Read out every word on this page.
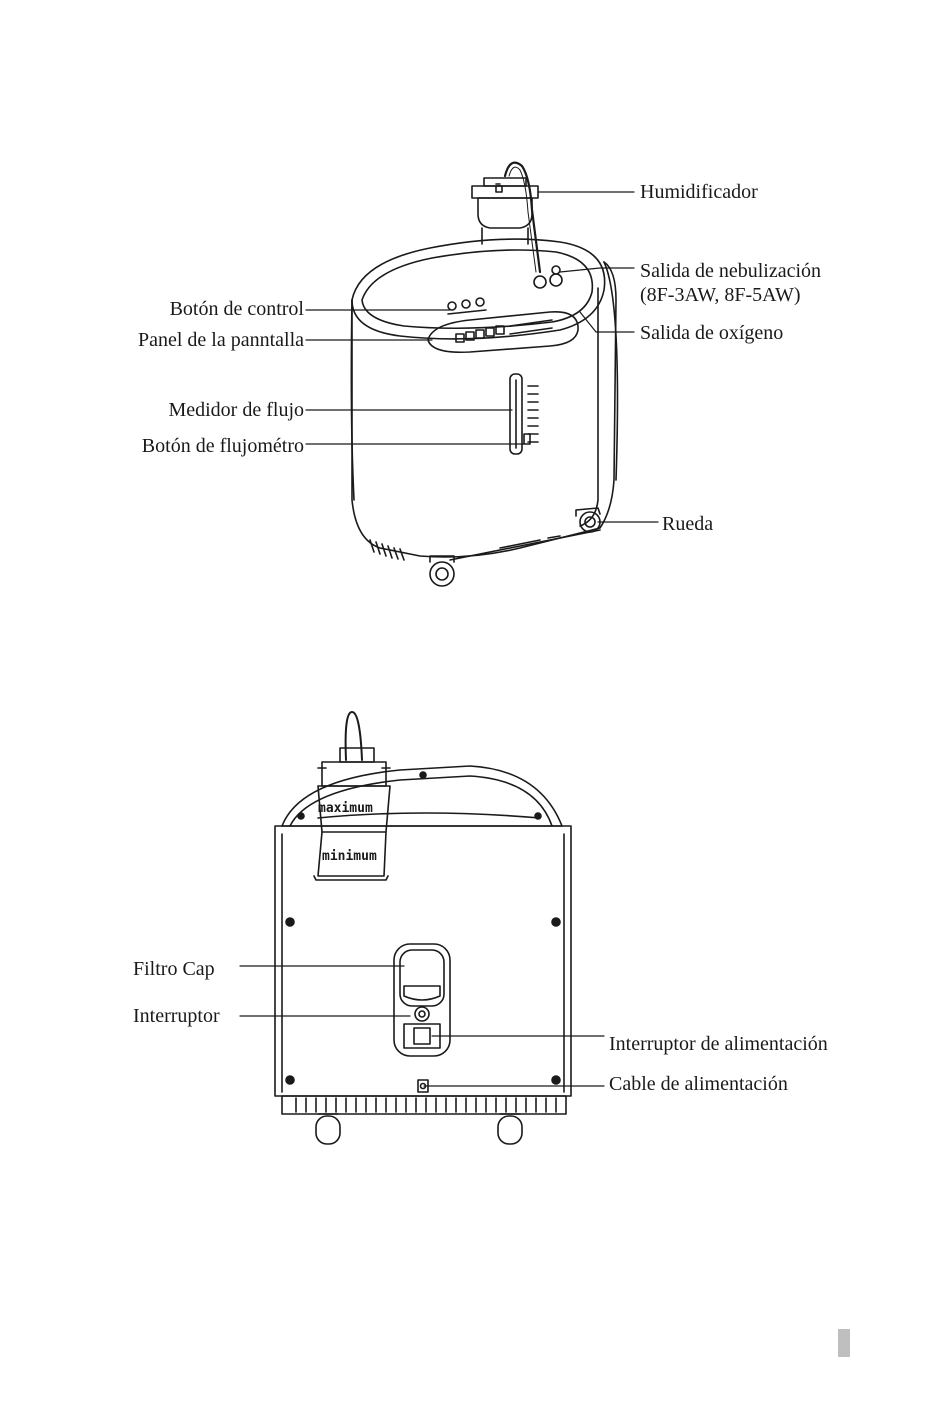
maximum
minimum
Humidificador
Salida de nebulización
(8F-3AW, 8F-5AW)
Botón de control
Salida de oxígeno
Panel de la panntalla
Medidor de flujo
Botón de flujométro
Rueda
Filtro Cap
Interruptor
Interruptor de alimentación
Cable de alimentación
